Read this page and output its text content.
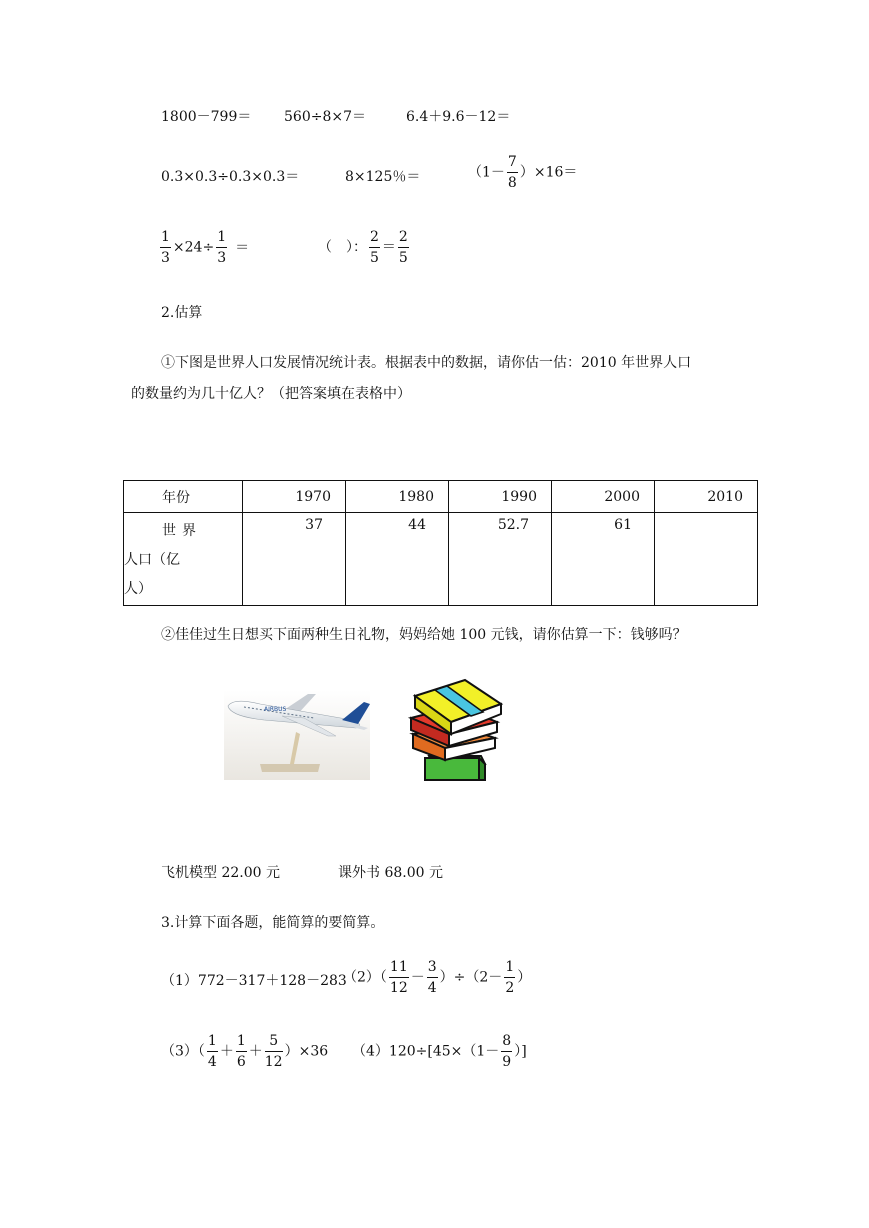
1800－799＝ 560÷8×7＝	6.4＋9.6－12＝
0.3×0.3÷0.3×0.3＝	8×125％＝	$(1- \frac{7}{8} )\times 16=$
$\frac{1}{3} \times 24\div \frac{1}{3}$ ＝	（　）： $\frac{2}{5} = \frac{2}{5}$
2.估算
①下图是世界人口发展情况统计表。根据表中的数据，请你估一估：2010 年世界人口
的数量约为几十亿人？（把答案填在表格中）
年份	1970	1980	1990	2000	2010

世界
人口（亿
人）	37	44	52.7	61	
②佳佳过生日想买下面两种生日礼物，妈妈给她 100 元钱，请你估算一下：钱够吗？
AIRBUS
飞机模型 22.00 元	课外书 68.00 元
3.计算下面各题，能简算的要简算。
（1）772－317＋128－283
$(2)( \frac{11}{12} - \frac{3}{4} )\div(2- \frac{1}{2}$ ）
$(3)( \frac{1}{4} + \frac{1}{6} + \frac{5}{12} )\times 36$ $(4)120\div[45\times(1- \frac{8}{9}$ ）]
